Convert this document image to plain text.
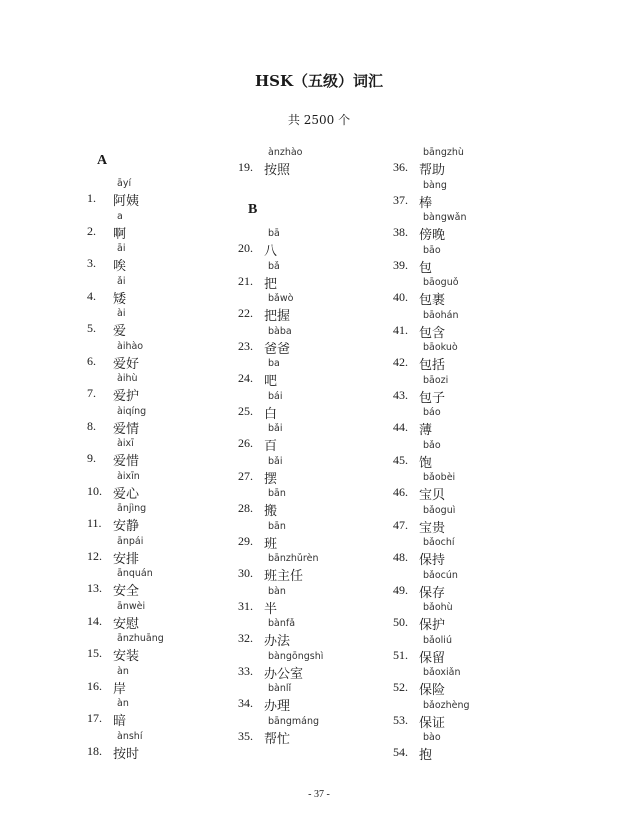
HSK（五级）词汇
共 2500 个
A
āyí
1. 阿姨
a
2. 啊
āi
3. 唉
ǎi
4. 矮
ài
5. 爱
àihào
6. 爱好
àihù
7. 爱护
àiqíng
8. 爱情
àixī
9. 爱惜
àixīn
10. 爱心
ānjìng
11. 安静
ānpái
12. 安排
ānquán
13. 安全
ānwèi
14. 安慰
ānzhuāng
15. 安装
àn
16. 岸
àn
17. 暗
ànshí
18. 按时
B
ànzhào
19. 按照
bā
20. 八
bǎ
21. 把
bǎwò
22. 把握
bàba
23. 爸爸
ba
24. 吧
bái
25. 白
bǎi
26. 百
bǎi
27. 摆
bān
28. 搬
bān
29. 班
bānzhǔrèn
30. 班主任
bàn
31. 半
bànfǎ
32. 办法
bàngōngshì
33. 办公室
bànlǐ
34. 办理
bāngmáng
35. 帮忙
bāngzhù
36. 帮助
bàng
37. 棒
bàngwǎn
38. 傍晚
bāo
39. 包
bāoguǒ
40. 包裹
bāohán
41. 包含
bāokuò
42. 包括
bāozi
43. 包子
báo
44. 薄
bǎo
45. 饱
bǎobèi
46. 宝贝
bǎoguì
47. 宝贵
bǎochí
48. 保持
bǎocún
49. 保存
bǎohù
50. 保护
bǎoliú
51. 保留
bǎoxiǎn
52. 保险
bǎozhèng
53. 保证
bào
54. 抱
- 37 -
